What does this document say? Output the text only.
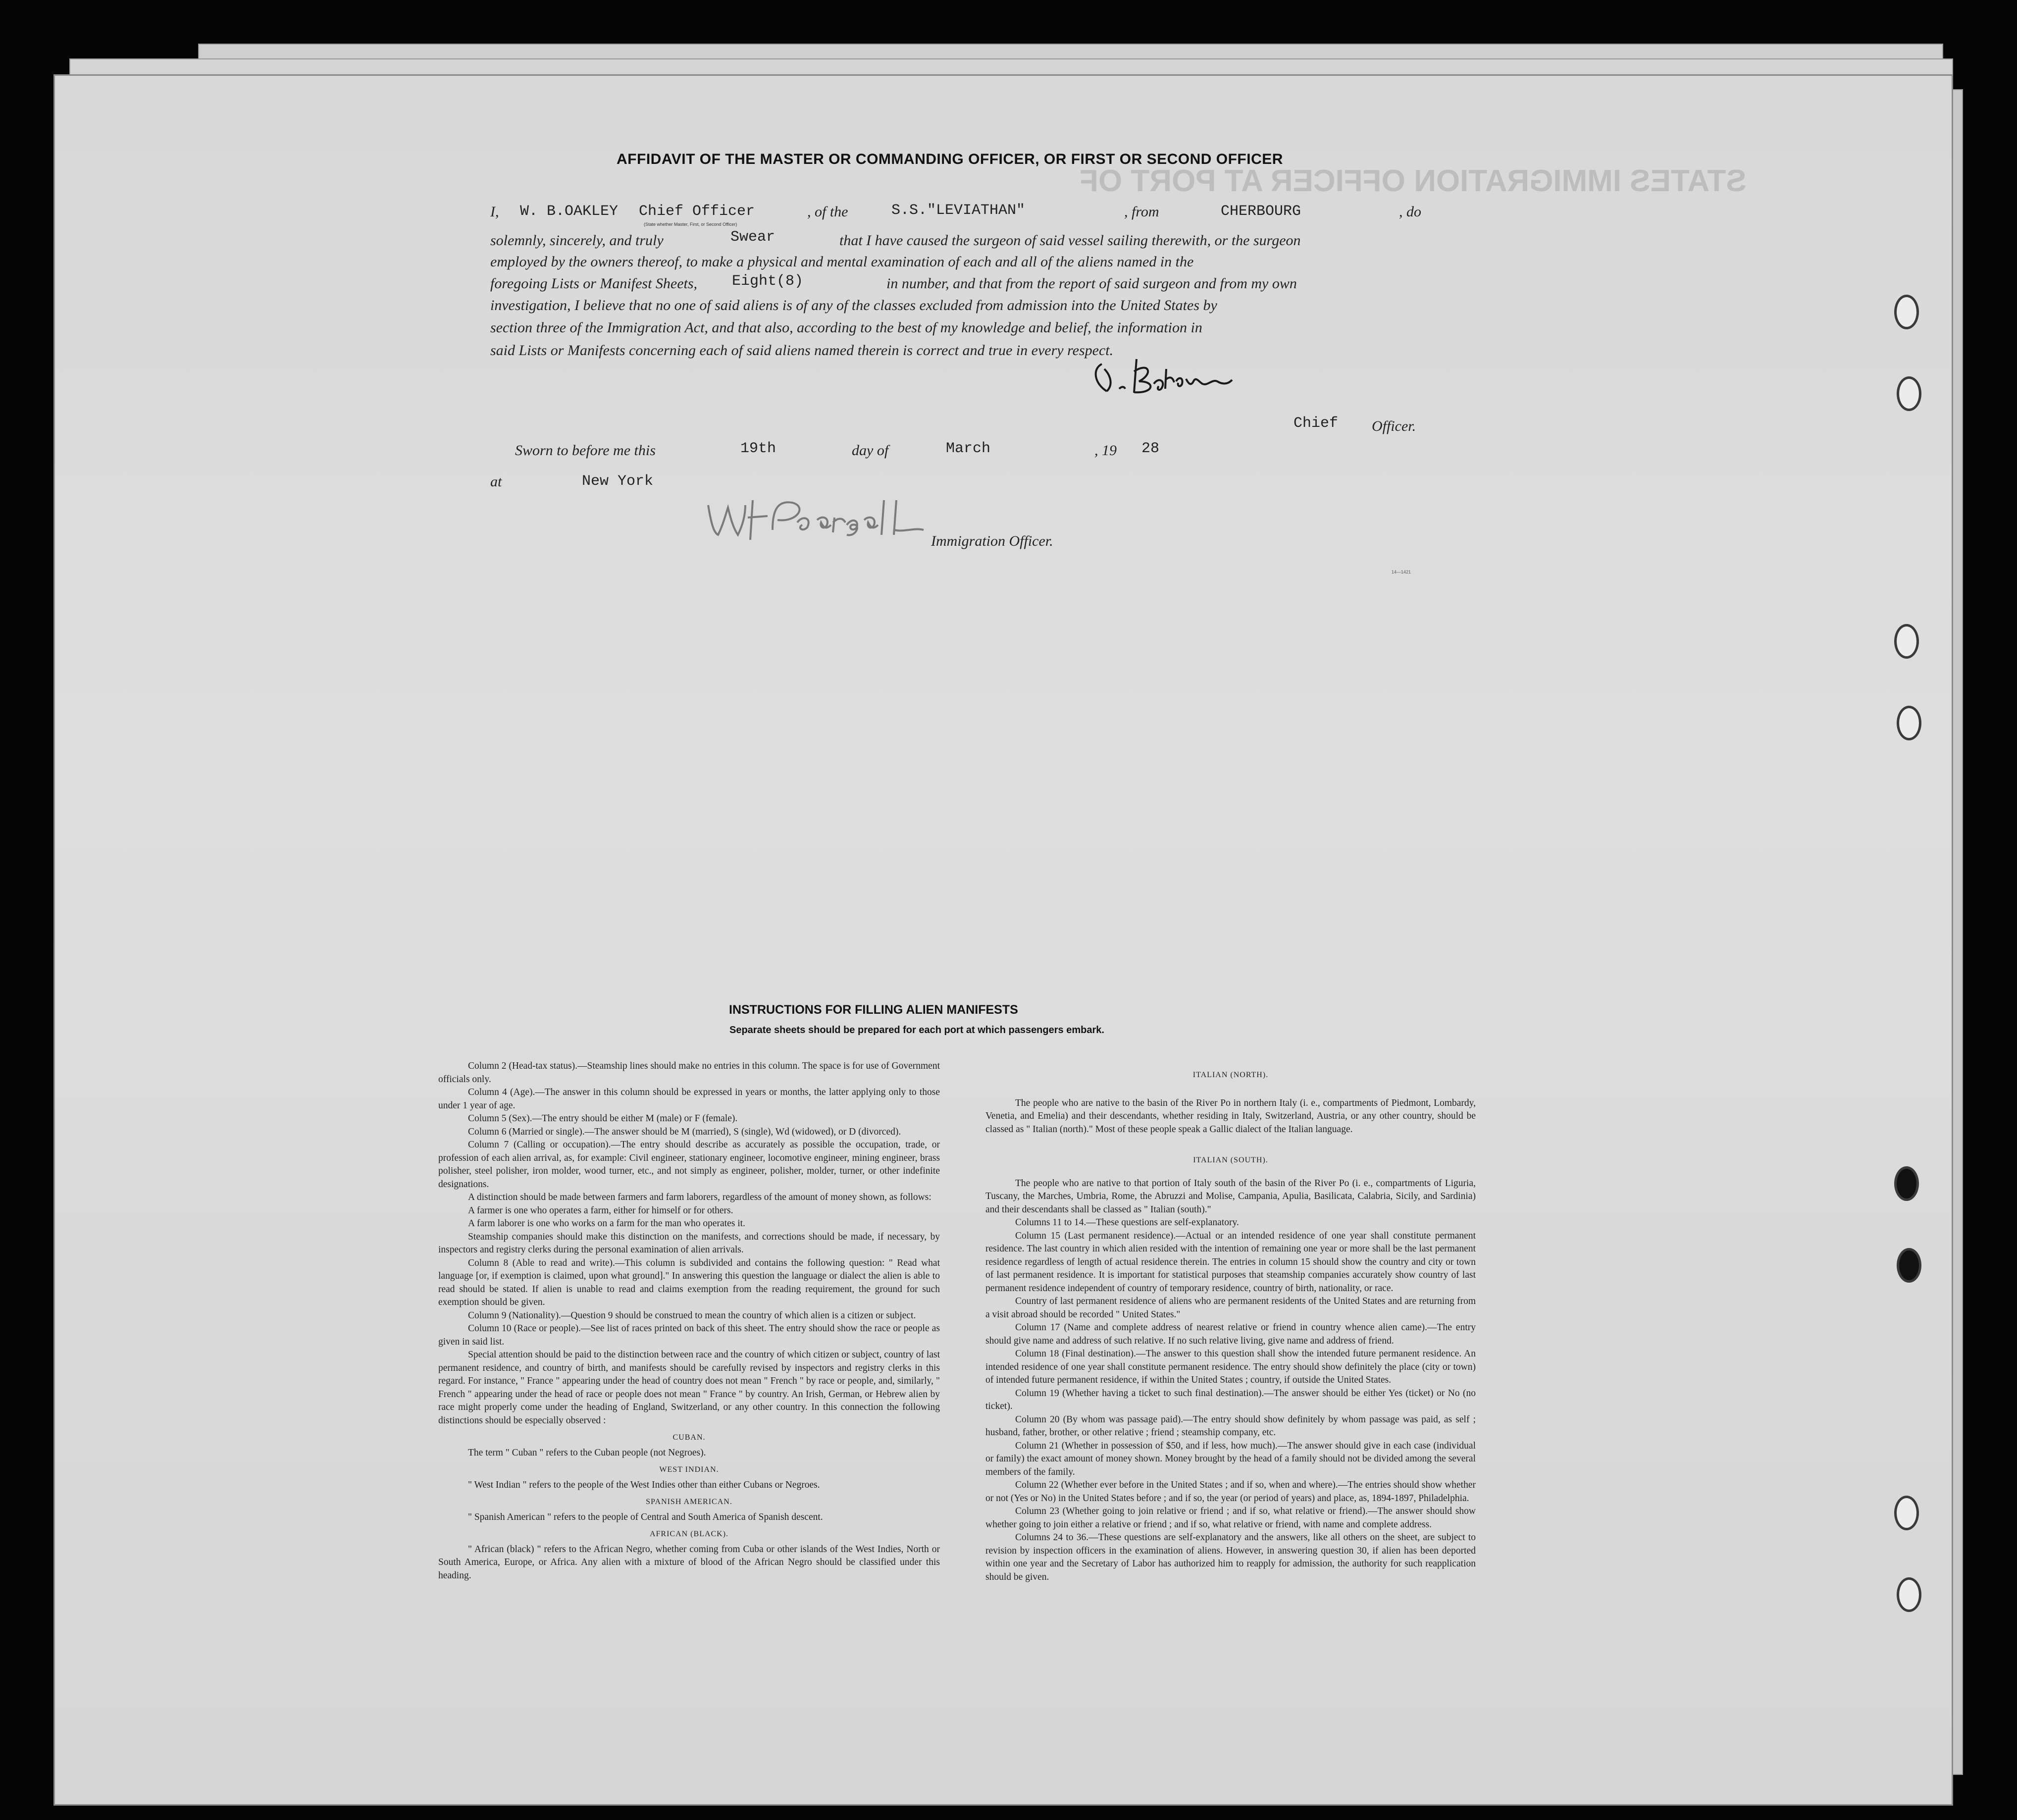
STATES IMMIGRATION OFFICER AT PORT OF
AFFIDAVIT OF THE MASTER OR COMMANDING OFFICER, OR FIRST OR SECOND OFFICER
I, W. B.OAKLEY Chief Officer	, of the	S.S."LEVIATHAN"	, from	CHERBOURG	, do
(State whether Master, First, or Second Officer)
solemnly, sincerely, and truly	Swear	that I have caused the surgeon of said vessel sailing therewith, or the surgeon
employed by the owners thereof, to make a physical and mental examination of each and all of the aliens named in the
foregoing Lists or Manifest Sheets, Eight(8)	in number, and that from the report of said surgeon and from my own
investigation, I believe that no one of said aliens is of any of the classes excluded from admission into the United States by
section three of the Immigration Act, and that also, according to the best of my knowledge and belief, the information in
said Lists or Manifests concerning each of said aliens named therein is correct and true in every respect.
Chief Officer.
Sworn to before me this	19th	day of	March	, 19 28
at	New York
Immigration Officer.
14—1421
INSTRUCTIONS FOR FILLING ALIEN MANIFESTS
Separate sheets should be prepared for each port at which passengers embark.

Column 2 (Head-tax status).—Steamship lines should make no entries in this column. The space is for use of Government officials only.

Column 4 (Age).—The answer in this column should be expressed in years or months, the latter applying only to those under 1 year of age.

Column 5 (Sex).—The entry should be either M (male) or F (female).

Column 6 (Married or single).—The answer should be M (married), S (single), Wd (widowed), or D (divorced).

Column 7 (Calling or occupation).—The entry should describe as accurately as possible the occupation, trade, or profession of each alien arrival, as, for example: Civil engineer, stationary engineer, locomotive engineer, mining engineer, brass polisher, steel polisher, iron molder, wood turner, etc., and not simply as engineer, polisher, molder, turner, or other indefinite designations.

A distinction should be made between farmers and farm laborers, regardless of the amount of money shown, as follows:

A farmer is one who operates a farm, either for himself or for others.

A farm laborer is one who works on a farm for the man who operates it.

Steamship companies should make this distinction on the manifests, and corrections should be made, if necessary, by inspectors and registry clerks during the personal examination of alien arrivals.

Column 8 (Able to read and write).—This column is subdivided and contains the following question: " Read what language [or, if exemption is claimed, upon what ground]." In answering this question the language or dialect the alien is able to read should be stated. If alien is unable to read and claims exemption from the reading requirement, the ground for such exemption should be given.

Column 9 (Nationality).—Question 9 should be construed to mean the country of which alien is a citizen or subject.

Column 10 (Race or people).—See list of races printed on back of this sheet. The entry should show the race or people as given in said list.

Special attention should be paid to the distinction between race and the country of which citizen or subject, country of last permanent residence, and country of birth, and manifests should be carefully revised by inspectors and registry clerks in this regard. For instance, " France " appearing under the head of country does not mean " French " by race or people, and, similarly, " French " appearing under the head of race or people does not mean " France " by country. An Irish, German, or Hebrew alien by race might properly come under the heading of England, Switzerland, or any other country. In this connection the following distinctions should be especially observed :

CUBAN.

The term " Cuban " refers to the Cuban people (not Negroes).

WEST INDIAN.

" West Indian " refers to the people of the West Indies other than either Cubans or Negroes.

SPANISH AMERICAN.

" Spanish American " refers to the people of Central and South America of Spanish descent.

AFRICAN (BLACK).

" African (black) " refers to the African Negro, whether coming from Cuba or other islands of the West Indies, North or South America, Europe, or Africa. Any alien with a mixture of blood of the African Negro should be classified under this heading.

ITALIAN (NORTH).

The people who are native to the basin of the River Po in northern Italy (i. e., compartments of Piedmont, Lombardy, Venetia, and Emelia) and their descendants, whether residing in Italy, Switzerland, Austria, or any other country, should be classed as " Italian (north)." Most of these people speak a Gallic dialect of the Italian language.

ITALIAN (SOUTH).

The people who are native to that portion of Italy south of the basin of the River Po (i. e., compartments of Liguria, Tuscany, the Marches, Umbria, Rome, the Abruzzi and Molise, Campania, Apulia, Basilicata, Calabria, Sicily, and Sardinia) and their descendants shall be classed as " Italian (south)."

Columns 11 to 14.—These questions are self-explanatory.

Column 15 (Last permanent residence).—Actual or an intended residence of one year shall constitute permanent residence. The last country in which alien resided with the intention of remaining one year or more shall be the last permanent residence regardless of length of actual residence therein. The entries in column 15 should show the country and city or town of last permanent residence. It is important for statistical purposes that steamship companies accurately show country of last permanent residence independent of country of temporary residence, country of birth, nationality, or race.

Country of last permanent residence of aliens who are permanent residents of the United States and are returning from a visit abroad should be recorded " United States."

Column 17 (Name and complete address of nearest relative or friend in country whence alien came).—The entry should give name and address of such relative. If no such relative living, give name and address of friend.

Column 18 (Final destination).—The answer to this question shall show the intended future permanent residence. An intended residence of one year shall constitute permanent residence. The entry should show definitely the place (city or town) of intended future permanent residence, if within the United States ; country, if outside the United States.

Column 19 (Whether having a ticket to such final destination).—The answer should be either Yes (ticket) or No (no ticket).

Column 20 (By whom was passage paid).—The entry should show definitely by whom passage was paid, as self ; husband, father, brother, or other relative ; friend ; steamship company, etc.

Column 21 (Whether in possession of $50, and if less, how much).—The answer should give in each case (individual or family) the exact amount of money shown. Money brought by the head of a family should not be divided among the several members of the family.

Column 22 (Whether ever before in the United States ; and if so, when and where).—The entries should show whether or not (Yes or No) in the United States before ; and if so, the year (or period of years) and place, as, 1894-1897, Philadelphia.

Column 23 (Whether going to join relative or friend ; and if so, what relative or friend).—The answer should show whether going to join either a relative or friend ; and if so, what relative or friend, with name and complete address.

Columns 24 to 36.—These questions are self-explanatory and the answers, like all others on the sheet, are subject to revision by inspection officers in the examination of aliens. However, in answering question 30, if alien has been deported within one year and the Secretary of Labor has authorized him to reapply for admission, the authority for such reapplication should be given.
